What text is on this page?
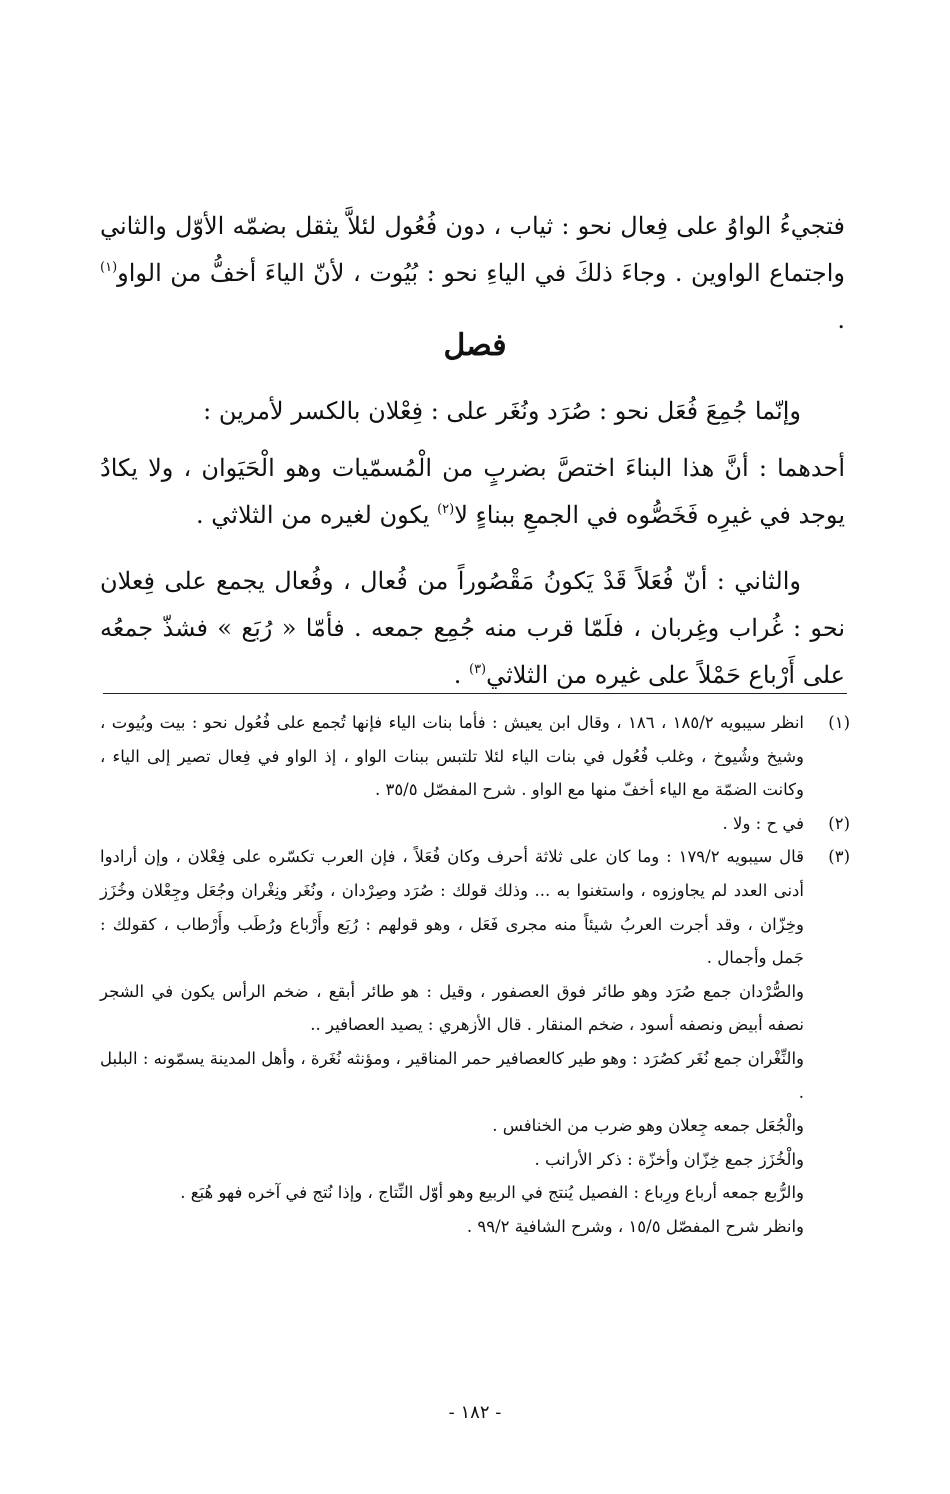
فتجيءُ الواوُ على فِعال نحو : ثياب ، دون فُعُول لئلاَّ يثقل بضمّه الأوّل والثاني واجتماع الواوين . وجاءَ ذلكَ في الياءِ نحو : بُيُوت ، لأنّ الياءَ أخفُّ من الواو$^{(١)}$ .

فصل

وإنّما جُمِعَ فُعَل نحو : صُرَد ونُغَر على : فِعْلان بالكسر لأمرين :

أحدهما : أنَّ هذا البناءَ اختصَّ بضربٍ من الْمُسمّيات وهو الْحَيَوان ، ولا يكادُ يوجد في غيرِه فَخَصُّوه في الجمعِ ببناءٍ لا$^{(٢)}$ يكون لغيره من الثلاثي .

والثاني : أنّ فُعَلاً قَدْ يَكونُ مَقْصُوراً من فُعال ، وفُعال يجمع على فِعلان نحو : غُراب وغِربان ، فلَمّا قرب منه جُمِع جمعه . فأمّا « رُبَع » فشذّ جمعُه على أَرْباع حَمْلاً على غيره من الثلاثي$^{(٣)}$ .

(١)

انظر سيبويه ١٨٥/٢ ، ١٨٦ ، وقال ابن يعيش : فأما بنات الياء فإنها تُجمع على فُعُول نحو : بيت وبُيوت ، وشيخ وشُيوخ ، وغلب فُعُول في بنات الياء لئلا تلتبس ببنات الواو ، إذ الواو في فِعال تصير إلى الياء ، وكانت الضمّة مع الياء أخفّ منها مع الواو . شرح المفصّل ٣٥/٥ .

(٢)

في ح : ولا .

(٣)

قال سيبويه ١٧٩/٢ : وما كان على ثلاثة أحرف وكان فُعَلاً ، فإن العرب تكسّره على فِعْلان ، وإن أرادوا أدنى العدد لم يجاوزوه ، واستغنوا به ... وذلك قولك : صُرَد وصِرْدان ، ونُغَر ونِغْران وجُعَل وجِعْلان وخُزَز وخِزّان ، وقد أجرت العربُ شيئاً منه مجرى فَعَل ، وهو قولهم : رُبَع وأَرْباع ورُطَب وأَرْطاب ، كقولك : جَمل وأجمال .

والصُّرْدان جمع صُرَد وهو طائر فوق العصفور ، وقيل : هو طائر أبقع ، ضخم الرأس يكون في الشجر نصفه أبيض ونصفه أسود ، ضخم المنقار . قال الأزهري : يصيد العصافير ..

والنِّغْران جمع نُغَر كصُرَد : وهو طير كالعصافير حمر المناقير ، ومؤنثه نُغَرة ، وأهل المدينة يسمّونه : البلبل .

والْجُعَل جمعه جِعلان وهو ضرب من الخنافس .

والْخُزَز جمع خِزّان وأخزّة : ذكر الأرانب .

والرُّبع جمعه أرباع ورِباع : الفصيل يُنتج في الربيع وهو أوّل النِّتاج ، وإذا نُتج في آخره فهو هُبَع .

وانظر شرح المفصّل ١٥/٥ ، وشرح الشافية ٩٩/٢ .

- ١٨٢ -
